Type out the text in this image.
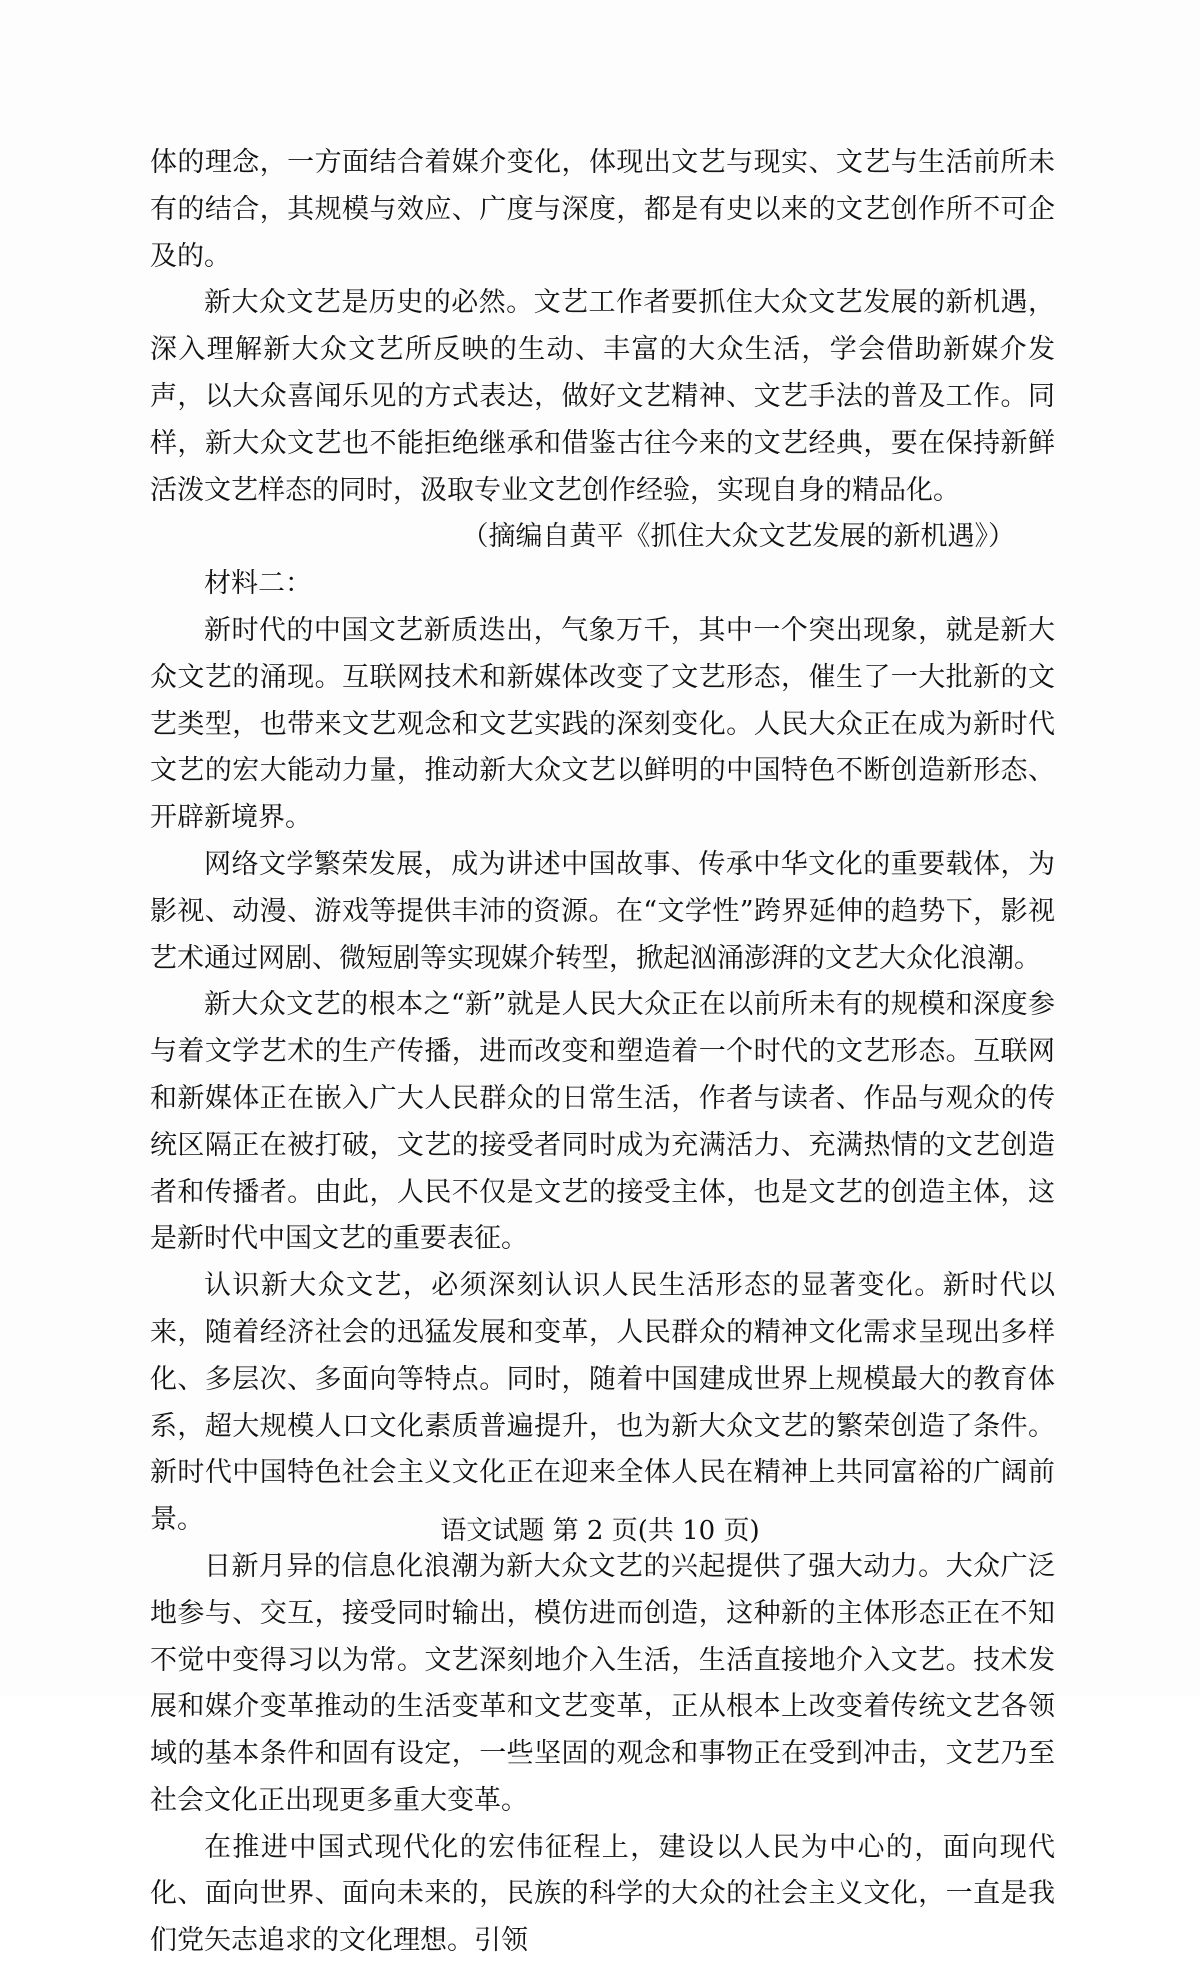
体的理念，一方面结合着媒介变化，体现出文艺与现实、文艺与生活前所未有的结合，其规模与效应、广度与深度，都是有史以来的文艺创作所不可企及的。

新大众文艺是历史的必然。文艺工作者要抓住大众文艺发展的新机遇，深入理解新大众文艺所反映的生动、丰富的大众生活，学会借助新媒介发声，以大众喜闻乐见的方式表达，做好文艺精神、文艺手法的普及工作。同样，新大众文艺也不能拒绝继承和借鉴古往今来的文艺经典，要在保持新鲜活泼文艺样态的同时，汲取专业文艺创作经验，实现自身的精品化。

（摘编自黄平《抓住大众文艺发展的新机遇》）

材料二：

新时代的中国文艺新质迭出，气象万千，其中一个突出现象，就是新大众文艺的涌现。互联网技术和新媒体改变了文艺形态，催生了一大批新的文艺类型，也带来文艺观念和文艺实践的深刻变化。人民大众正在成为新时代文艺的宏大能动力量，推动新大众文艺以鲜明的中国特色不断创造新形态、开辟新境界。

网络文学繁荣发展，成为讲述中国故事、传承中华文化的重要载体，为影视、动漫、游戏等提供丰沛的资源。在“文学性”跨界延伸的趋势下，影视艺术通过网剧、微短剧等实现媒介转型，掀起汹涌澎湃的文艺大众化浪潮。

新大众文艺的根本之“新”就是人民大众正在以前所未有的规模和深度参与着文学艺术的生产传播，进而改变和塑造着一个时代的文艺形态。互联网和新媒体正在嵌入广大人民群众的日常生活，作者与读者、作品与观众的传统区隔正在被打破，文艺的接受者同时成为充满活力、充满热情的文艺创造者和传播者。由此，人民不仅是文艺的接受主体，也是文艺的创造主体，这是新时代中国文艺的重要表征。

认识新大众文艺，必须深刻认识人民生活形态的显著变化。新时代以来，随着经济社会的迅猛发展和变革，人民群众的精神文化需求呈现出多样化、多层次、多面向等特点。同时，随着中国建成世界上规模最大的教育体系，超大规模人口文化素质普遍提升，也为新大众文艺的繁荣创造了条件。新时代中国特色社会主义文化正在迎来全体人民在精神上共同富裕的广阔前景。

日新月异的信息化浪潮为新大众文艺的兴起提供了强大动力。大众广泛地参与、交互，接受同时输出，模仿进而创造，这种新的主体形态正在不知不觉中变得习以为常。文艺深刻地介入生活，生活直接地介入文艺。技术发展和媒介变革推动的生活变革和文艺变革，正从根本上改变着传统文艺各领域的基本条件和固有设定，一些坚固的观念和事物正在受到冲击，文艺乃至社会文化正出现更多重大变革。

在推进中国式现代化的宏伟征程上，建设以人民为中心的，面向现代化、面向世界、面向未来的，民族的科学的大众的社会主义文化，一直是我们党矢志追求的文化理想。引领

语文试题 第 2 页(共 10 页)
